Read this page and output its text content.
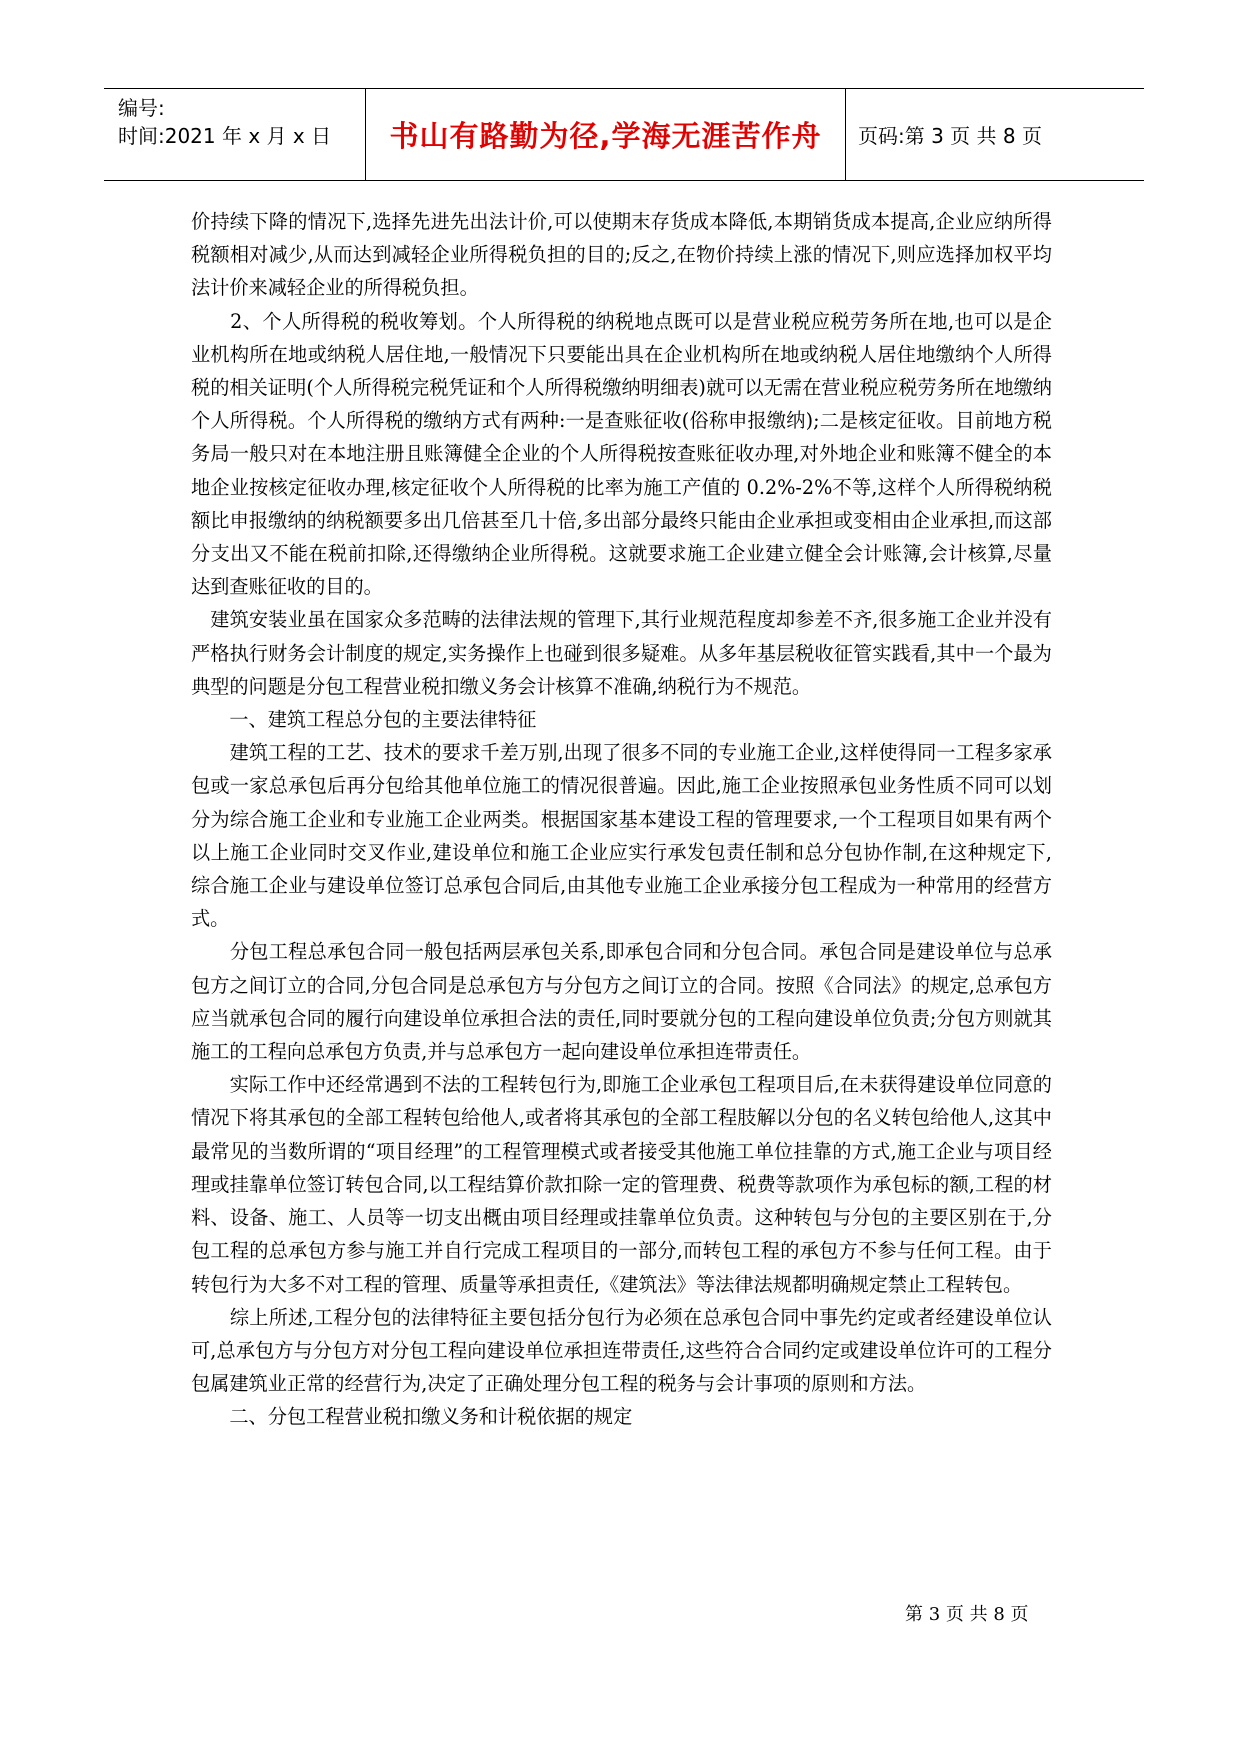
编号:
时间:2021 年 x 月 x 日	书山有路勤为径,学海无涯苦作舟	页码:第 3 页 共 8 页

价持续下降的情况下,选择先进先出法计价,可以使期末存货成本降低,本期销货成本提高,企业应纳所得税额相对减少,从而达到减轻企业所得税负担的目的;反之,在物价持续上涨的情况下,则应选择加权平均法计价来减轻企业的所得税负担。

　　2、个人所得税的税收筹划。个人所得税的纳税地点既可以是营业税应税劳务所在地,也可以是企业机构所在地或纳税人居住地,一般情况下只要能出具在企业机构所在地或纳税人居住地缴纳个人所得税的相关证明(个人所得税完税凭证和个人所得税缴纳明细表)就可以无需在营业税应税劳务所在地缴纳个人所得税。个人所得税的缴纳方式有两种:一是查账征收(俗称申报缴纳);二是核定征收。目前地方税务局一般只对在本地注册且账簿健全企业的个人所得税按查账征收办理,对外地企业和账簿不健全的本地企业按核定征收办理,核定征收个人所得税的比率为施工产值的 0.2%-2%不等,这样个人所得税纳税额比申报缴纳的纳税额要多出几倍甚至几十倍,多出部分最终只能由企业承担或变相由企业承担,而这部分支出又不能在税前扣除,还得缴纳企业所得税。这就要求施工企业建立健全会计账簿,会计核算,尽量达到查账征收的目的。

　建筑安装业虽在国家众多范畴的法律法规的管理下,其行业规范程度却参差不齐,很多施工企业并没有严格执行财务会计制度的规定,实务操作上也碰到很多疑难。从多年基层税收征管实践看,其中一个最为典型的问题是分包工程营业税扣缴义务会计核算不准确,纳税行为不规范。

　　一、建筑工程总分包的主要法律特征

　　建筑工程的工艺、技术的要求千差万别,出现了很多不同的专业施工企业,这样使得同一工程多家承包或一家总承包后再分包给其他单位施工的情况很普遍。因此,施工企业按照承包业务性质不同可以划分为综合施工企业和专业施工企业两类。根据国家基本建设工程的管理要求,一个工程项目如果有两个以上施工企业同时交叉作业,建设单位和施工企业应实行承发包责任制和总分包协作制,在这种规定下,综合施工企业与建设单位签订总承包合同后,由其他专业施工企业承接分包工程成为一种常用的经营方式。

　　分包工程总承包合同一般包括两层承包关系,即承包合同和分包合同。承包合同是建设单位与总承包方之间订立的合同,分包合同是总承包方与分包方之间订立的合同。按照《合同法》的规定,总承包方应当就承包合同的履行向建设单位承担合法的责任,同时要就分包的工程向建设单位负责;分包方则就其施工的工程向总承包方负责,并与总承包方一起向建设单位承担连带责任。

　　实际工作中还经常遇到不法的工程转包行为,即施工企业承包工程项目后,在未获得建设单位同意的情况下将其承包的全部工程转包给他人,或者将其承包的全部工程肢解以分包的名义转包给他人,这其中最常见的当数所谓的“项目经理”的工程管理模式或者接受其他施工单位挂靠的方式,施工企业与项目经理或挂靠单位签订转包合同,以工程结算价款扣除一定的管理费、税费等款项作为承包标的额,工程的材料、设备、施工、人员等一切支出概由项目经理或挂靠单位负责。这种转包与分包的主要区别在于,分包工程的总承包方参与施工并自行完成工程项目的一部分,而转包工程的承包方不参与任何工程。由于转包行为大多不对工程的管理、质量等承担责任,《建筑法》等法律法规都明确规定禁止工程转包。

　　综上所述,工程分包的法律特征主要包括分包行为必须在总承包合同中事先约定或者经建设单位认可,总承包方与分包方对分包工程向建设单位承担连带责任,这些符合合同约定或建设单位许可的工程分包属建筑业正常的经营行为,决定了正确处理分包工程的税务与会计事项的原则和方法。

　　二、分包工程营业税扣缴义务和计税依据的规定

第 3 页 共 8 页
